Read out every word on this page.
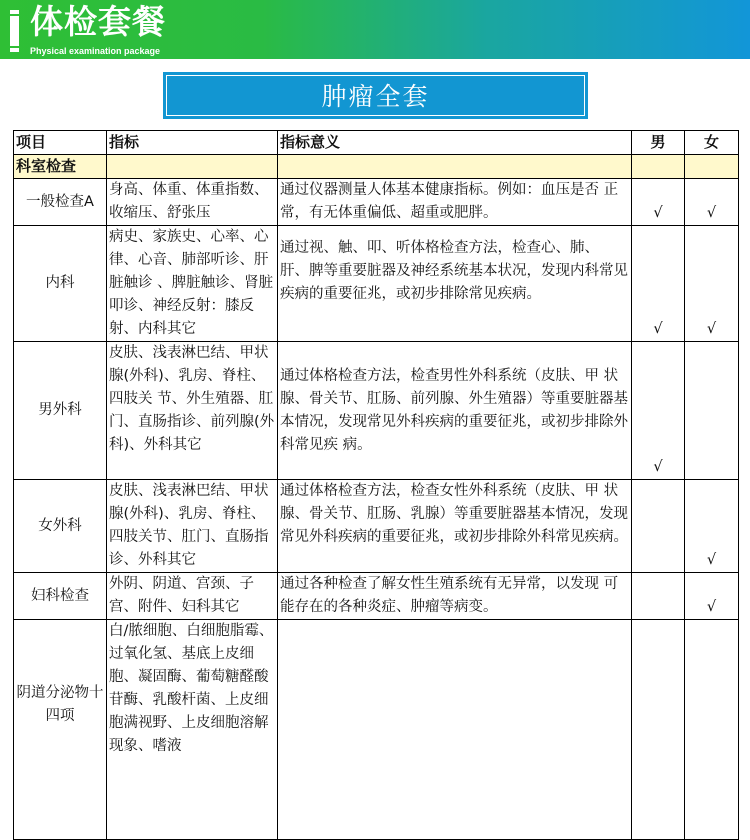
体检套餐
Physical examination package
肿瘤全套
项目	指标	指标意义	男	女
科室检查				
一般检查A	身高、体重、体重指数、收缩压、舒张压	通过仪器测量人体基本健康指标。例如：血压是否 正常，有无体重偏低、超重或肥胖。	√	√
内科	病史、家族史、心率、心律、心音、肺部听诊、肝脏触诊 、脾脏触诊、肾脏叩诊、神经反射：膝反射、内科其它	通过视、触、叩、听体格检查方法，检查心、肺、 肝、脾等重要脏器及神经系统基本状况，发现内科常见疾病的重要征兆，或初步排除常见疾病。	√	√
男外科	皮肤、浅表淋巴结、甲状腺(外科)、乳房、脊柱、四肢关 节、外生殖器、肛门、直肠指诊、前列腺(外科)、外科其它	通过体格检查方法，检查男性外科系统（皮肤、甲 状腺、骨关节、肛肠、前列腺、外生殖器）等重要脏器基本情况，发现常见外科疾病的重要征兆，或初步排除外科常见疾 病。	√	
女外科	皮肤、浅表淋巴结、甲状腺(外科)、乳房、脊柱、 四肢关节、肛门、直肠指诊、外科其它	通过体格检查方法，检查女性外科系统（皮肤、甲 状腺、骨关节、肛肠、乳腺）等重要脏器基本情况，发现常见外科疾病的重要征兆，或初步排除外科常见疾病。		√
妇科检查	外阴、阴道、宫颈、子宫、附件、妇科其它	通过各种检查了解女性生殖系统有无异常，以发现 可能存在的各种炎症、肿瘤等病变。		√
阴道分泌物十四项	白/脓细胞、白细胞脂霉、过氧化氢、基底上皮细胞、凝固酶、葡萄糖醛酸苷酶、乳酸杆菌、上皮细胞满视野、上皮细胞溶解现象、嗜液			
